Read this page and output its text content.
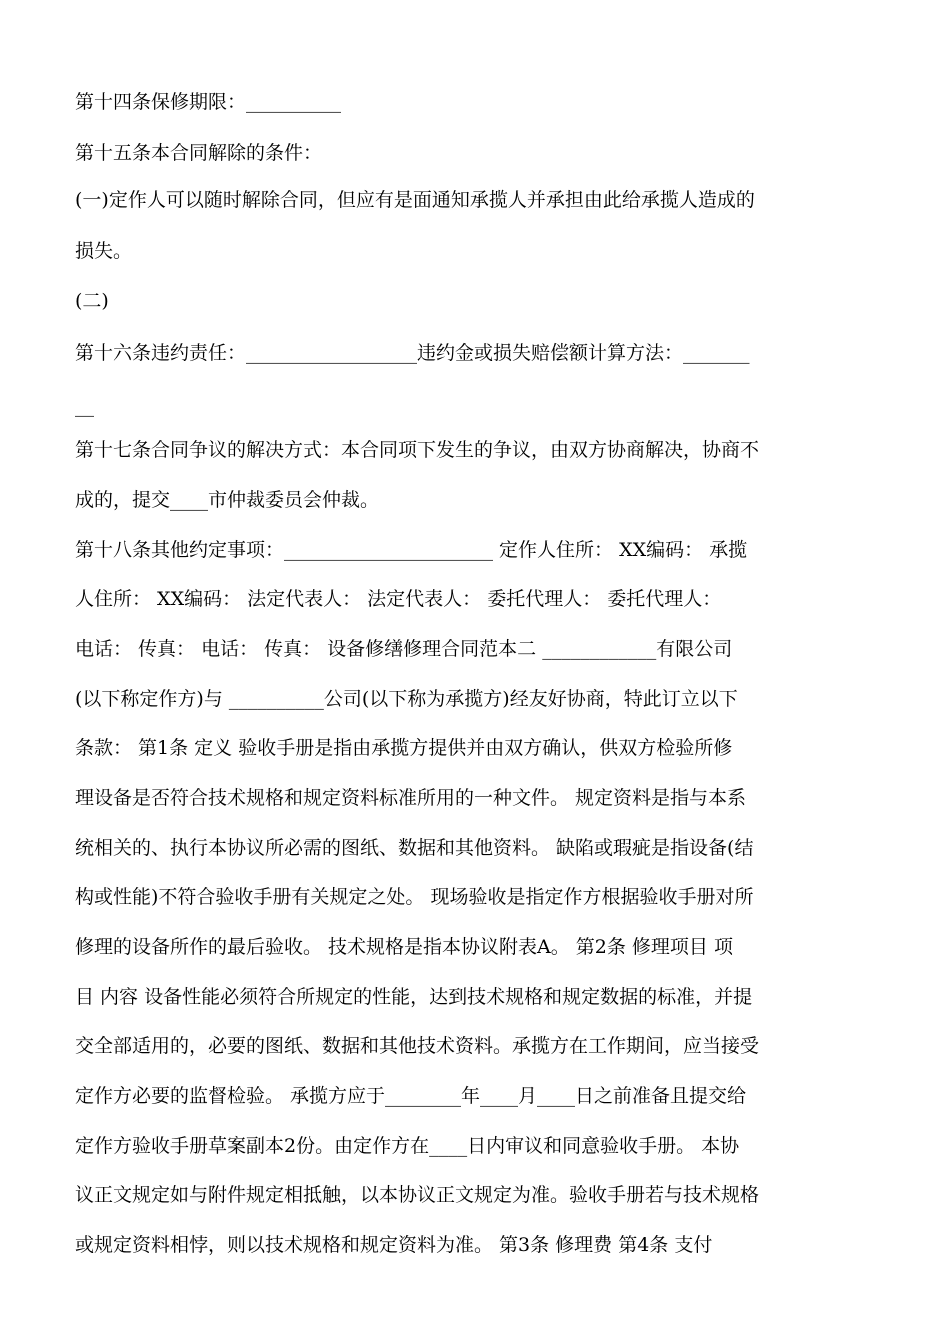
第十四条保修期限：__________
第十五条本合同解除的条件：
(一)定作人可以随时解除合同，但应有是面通知承揽人并承担由此给承揽人造成的
损失。
(二)
第十六条违约责任：__________________违约金或损失赔偿额计算方法：_______
__
第十七条合同争议的解决方式：本合同项下发生的争议，由双方协商解决，协商不
成的，提交____市仲裁委员会仲裁。
第十八条其他约定事项：______________________ 定作人住所： XX编码： 承揽
人住所： XX编码： 法定代表人： 法定代表人： 委托代理人： 委托代理人：
电话： 传真： 电话： 传真： 设备修缮修理合同范本二 ____________有限公司
(以下称定作方)与 __________公司(以下称为承揽方)经友好协商，特此订立以下
条款： 第1条 定义 验收手册是指由承揽方提供并由双方确认，供双方检验所修
理设备是否符合技术规格和规定资料标准所用的一种文件。 规定资料是指与本系
统相关的、执行本协议所必需的图纸、数据和其他资料。 缺陷或瑕疵是指设备(结
构或性能)不符合验收手册有关规定之处。 现场验收是指定作方根据验收手册对所
修理的设备所作的最后验收。 技术规格是指本协议附表A。 第2条 修理项目 项
目 内容 设备性能必须符合所规定的性能，达到技术规格和规定数据的标准，并提
交全部适用的，必要的图纸、数据和其他技术资料。承揽方在工作期间，应当接受
定作方必要的监督检验。 承揽方应于________年____月____日之前准备且提交给
定作方验收手册草案副本2份。由定作方在____日内审议和同意验收手册。 本协
议正文规定如与附件规定相抵触，以本协议正文规定为准。验收手册若与技术规格
或规定资料相悖，则以技术规格和规定资料为准。 第3条 修理费 第4条 支付
